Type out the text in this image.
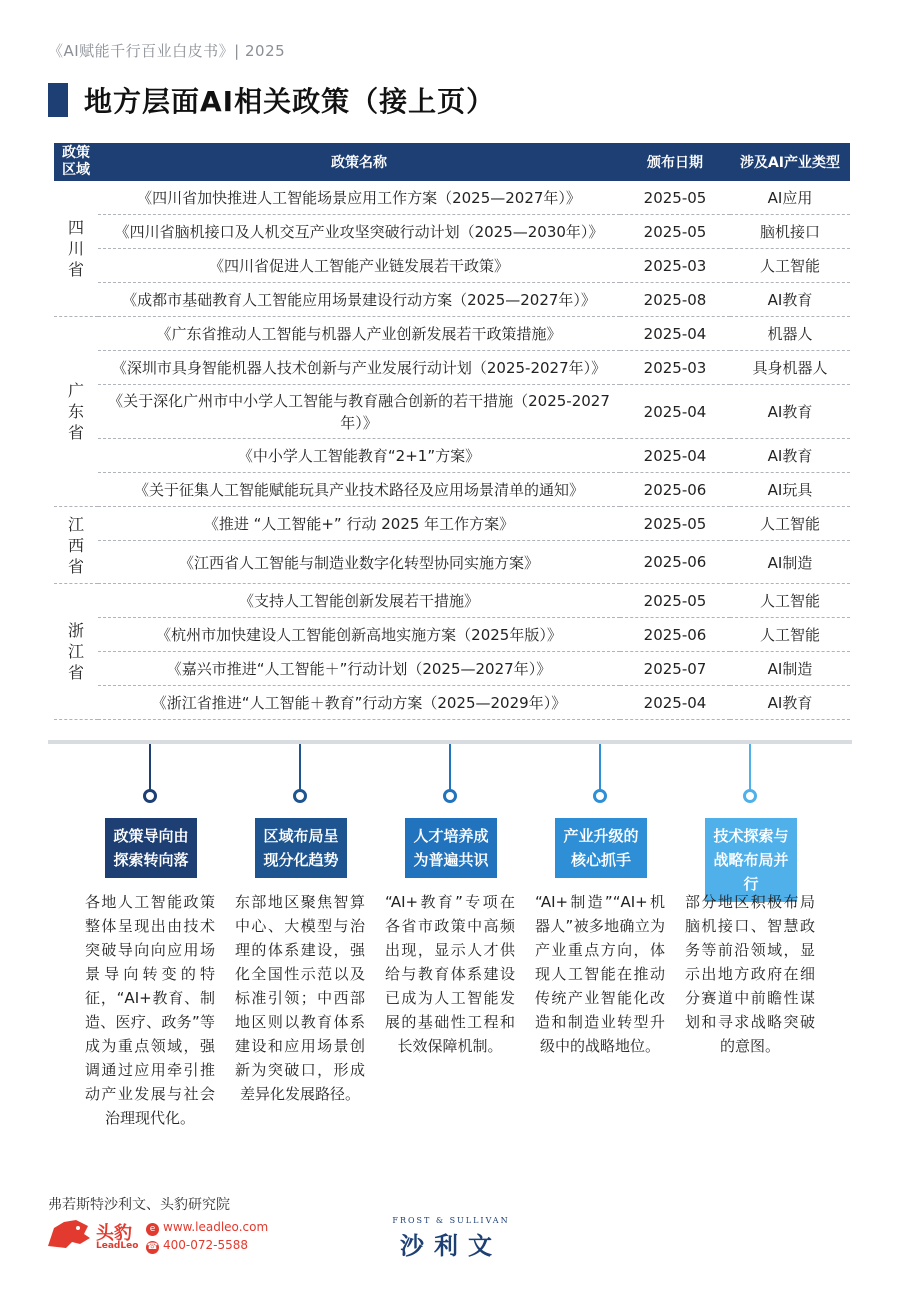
《AI赋能千行百业白皮书》| 2025
地方层面AI相关政策（接上页）
政策区域	政策名称	颁布日期	涉及AI产业类型
四川省	《四川省加快推进人工智能场景应用工作方案（2025—2027年）》	2025-05	AI应用
	《四川省脑机接口及人机交互产业攻坚突破行动计划（2025—2030年）》	2025-05	脑机接口
	《四川省促进人工智能产业链发展若干政策》	2025-03	人工智能
	《成都市基础教育人工智能应用场景建设行动方案（2025—2027年）》	2025-08	AI教育
广东省	《广东省推动人工智能与机器人产业创新发展若干政策措施》	2025-04	机器人
	《深圳市具身智能机器人技术创新与产业发展行动计划（2025-2027年）》	2025-03	具身机器人
	《关于深化广州市中小学人工智能与教育融合创新的若干措施（2025-2027年）》	2025-04	AI教育
	《中小学人工智能教育“2+1”方案》	2025-04	AI教育
	《关于征集人工智能赋能玩具产业技术路径及应用场景清单的通知》	2025-06	AI玩具
江西省	《推进 “人工智能+” 行动 2025 年工作方案》	2025-05	人工智能
	《江西省人工智能与制造业数字化转型协同实施方案》	2025-06	AI制造
浙江省	《支持人工智能创新发展若干措施》	2025-05	人工智能
	《杭州市加快建设人工智能创新高地实施方案（2025年版）》	2025-06	人工智能
	《嘉兴市推进“人工智能＋”行动计划（2025—2027年）》	2025-07	AI制造
	《浙江省推进“人工智能＋教育”行动方案（2025—2029年）》	2025-04	AI教育
政策导向由探索转向落
各地人工智能政策整体呈现出由技术突破导向向应用场景导向转变的特征，“AI+教育、制造、医疗、政务”等成为重点领域，强调通过应用牵引推动产业发展与社会治理现代化。
区域布局呈现分化趋势
东部地区聚焦智算中心、大模型与治理的体系建设，强化全国性示范以及标准引领；中西部地区则以教育体系建设和应用场景创新为突破口，形成差异化发展路径。
人才培养成为普遍共识
“AI+教育”专项在各省市政策中高频出现，显示人才供给与教育体系建设已成为人工智能发展的基础性工程和长效保障机制。
产业升级的核心抓手
“AI+制造”“AI+机器人”被多地确立为产业重点方向，体现人工智能在推动传统产业智能化改造和制造业转型升级中的战略地位。
技术探索与战略布局并行
部分地区积极布局脑机接口、智慧政务等前沿领域，显示出地方政府在细分赛道中前瞻性谋划和寻求战略突破的意图。
弗若斯特沙利文、头豹研究院
头豹
LeadLeo
e www.leadleo.com
☎ 400-072-5588
FROST & SULLIVAN
沙利文
